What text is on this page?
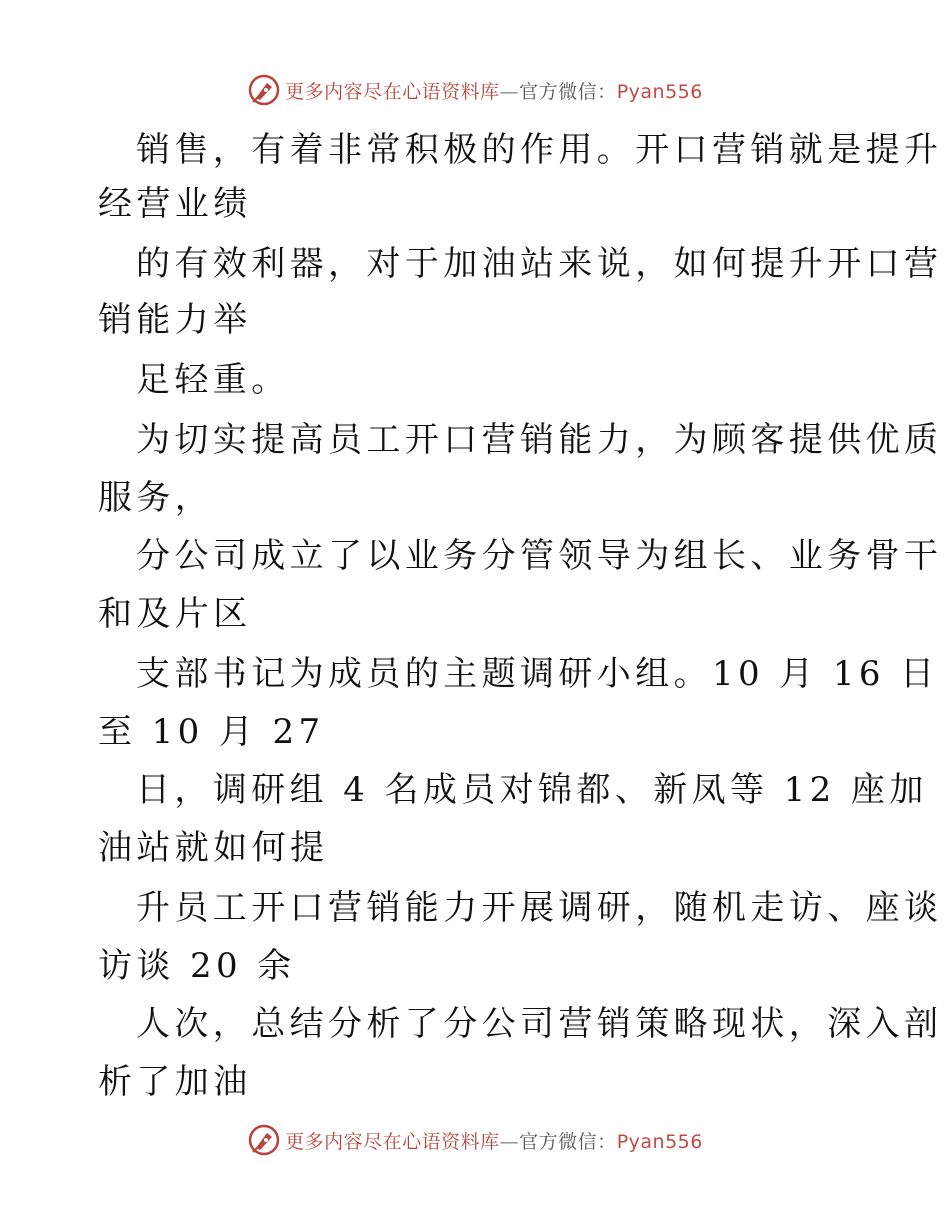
更多内容尽在心语资料库—官方微信：Pyan556
销售，有着非常积极的作用。开口营销就是提升
经营业绩
的有效利器，对于加油站来说，如何提升开口营
销能力举
足轻重。
为切实提高员工开口营销能力，为顾客提供优质
服务，
分公司成立了以业务分管领导为组长、业务骨干
和及片区
支部书记为成员的主题调研小组。10 月 16 日
至 10 月 27
日，调研组 4 名成员对锦都、新凤等 12 座加
油站就如何提
升员工开口营销能力开展调研，随机走访、座谈
访谈 20 余
人次，总结分析了分公司营销策略现状，深入剖
析了加油
更多内容尽在心语资料库—官方微信：Pyan556
